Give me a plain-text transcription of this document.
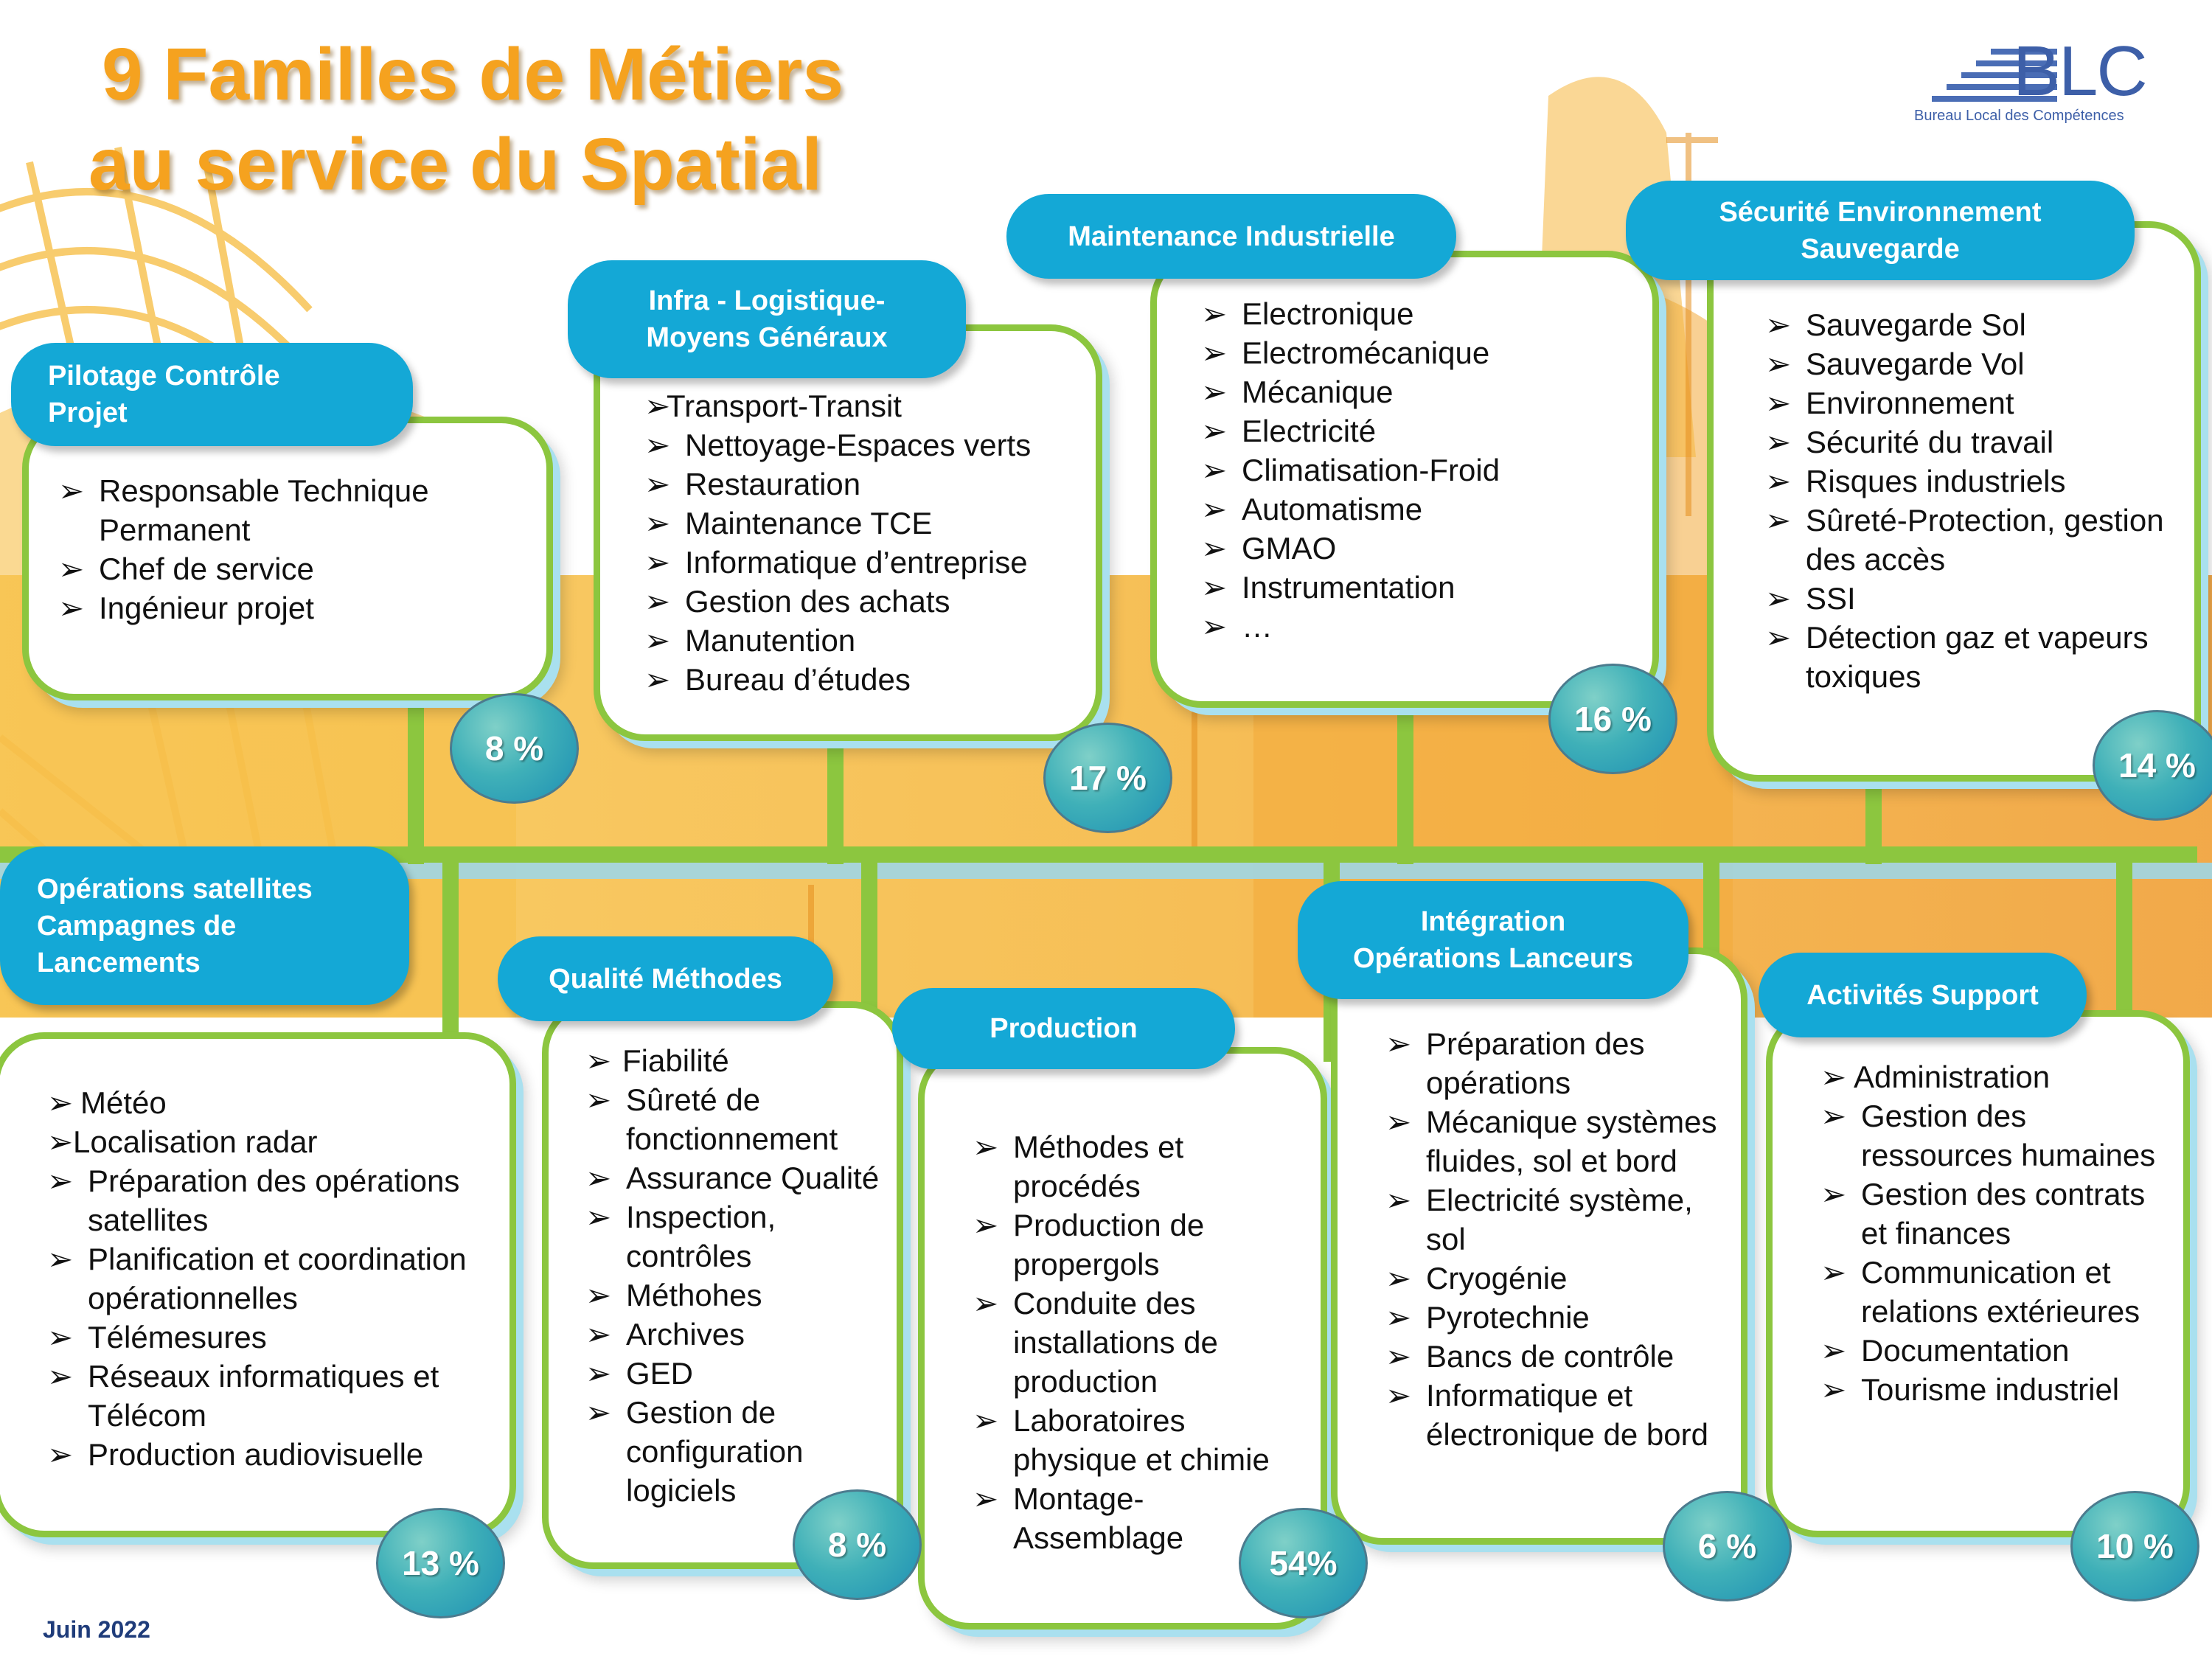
9 Familles de Métiers
au service du Spatial
BLC
Bureau Local des Compétences
➢ Responsable Technique Permanent
➢ Chef de service
➢ Ingénieur projet
Pilotage Contrôle
Projet
8 %
➢
Transport-Transit
➢ Nettoyage-Espaces verts
➢ Restauration
➢ Maintenance TCE
➢ Informatique d’entreprise
➢ Gestion des achats
➢ Manutention
➢ Bureau d’études
Infra - Logistique-
Moyens Généraux
17 %
➢ Electronique
➢ Electromécanique
➢ Mécanique
➢ Electricité
➢ Climatisation-Froid
➢ Automatisme
➢ GMAO
➢ Instrumentation
➢ …
Maintenance Industrielle
16 %
➢ Sauvegarde Sol
➢ Sauvegarde Vol
➢ Environnement
➢ Sécurité du travail
➢ Risques industriels
➢ Sûreté-Protection, gestion des accès
➢ SSI
➢ Détection gaz et vapeurs toxiques
Sécurité Environnement
Sauvegarde
14 %
➢ Météo
➢ Localisation radar
➢ Préparation des opérations satellites
➢ Planification et coordination opérationnelles
➢ Télémesures
➢ Réseaux informatiques et Télécom
➢ Production audiovisuelle
Opérations satellites
Campagnes de
Lancements
13 %
➢ Fiabilité
➢ Sûreté de fonctionnement
➢ Assurance Qualité
➢ Inspection, contrôles
➢ Méthohes
➢ Archives
➢ GED
➢ Gestion de configuration logiciels
Qualité Méthodes
8 %
➢ Méthodes et procédés
➢ Production de propergols
➢ Conduite des installations de production
➢ Laboratoires physique et chimie
➢ Montage-Assemblage
Production
54%
➢ Préparation des opérations
➢ Mécanique systèmes fluides, sol et bord
➢ Electricité système, sol
➢ Cryogénie
➢ Pyrotechnie
➢ Bancs de contrôle
➢ Informatique et électronique de bord
Intégration
Opérations Lanceurs
6 %
➢ Administration
➢ Gestion des ressources humaines
➢ Gestion des contrats et finances
➢ Communication et relations extérieures
➢ Documentation
➢ Tourisme industriel
Activités Support
10 %
Juin 2022
